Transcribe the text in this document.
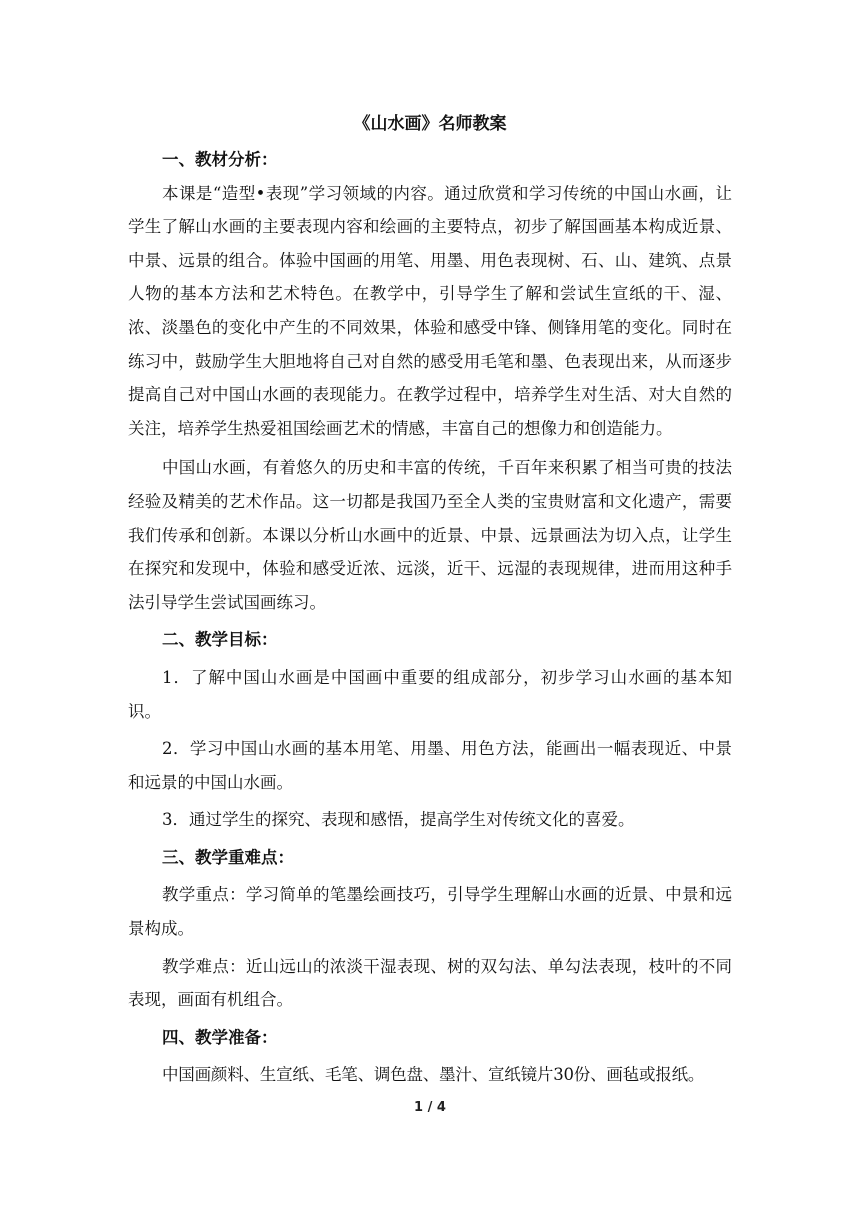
《山水画》名师教案
一、教材分析：

本课是“造型•表现”学习领域的内容。通过欣赏和学习传统的中国山水画，让学生了解山水画的主要表现内容和绘画的主要特点，初步了解国画基本构成近景、中景、远景的组合。体验中国画的用笔、用墨、用色表现树、石、山、建筑、点景人物的基本方法和艺术特色。在教学中，引导学生了解和尝试生宣纸的干、湿、浓、淡墨色的变化中产生的不同效果，体验和感受中锋、侧锋用笔的变化。同时在练习中，鼓励学生大胆地将自己对自然的感受用毛笔和墨、色表现出来，从而逐步提高自己对中国山水画的表现能力。在教学过程中，培养学生对生活、对大自然的关注，培养学生热爱祖国绘画艺术的情感，丰富自己的想像力和创造能力。

中国山水画，有着悠久的历史和丰富的传统，千百年来积累了相当可贵的技法经验及精美的艺术作品。这一切都是我国乃至全人类的宝贵财富和文化遗产，需要我们传承和创新。本课以分析山水画中的近景、中景、远景画法为切入点，让学生在探究和发现中，体验和感受近浓、远淡，近干、远湿的表现规律，进而用这种手法引导学生尝试国画练习。

二、教学目标：

1．了解中国山水画是中国画中重要的组成部分，初步学习山水画的基本知识。

2．学习中国山水画的基本用笔、用墨、用色方法，能画出一幅表现近、中景和远景的中国山水画。

3．通过学生的探究、表现和感悟，提高学生对传统文化的喜爱。

三、教学重难点：

教学重点：学习简单的笔墨绘画技巧，引导学生理解山水画的近景、中景和远景构成。

教学难点：近山远山的浓淡干湿表现、树的双勾法、单勾法表现，枝叶的不同表现，画面有机组合。

四、教学准备：

中国画颜料、生宣纸、毛笔、调色盘、墨汁、宣纸镜片30份、画毡或报纸。

1 / 4
